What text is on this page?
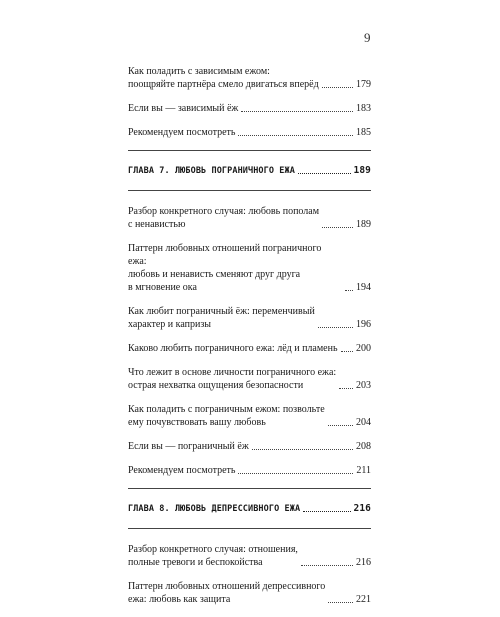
9
Как поладить с зависимым ежом:
поощряйте партнёра смело двигаться вперёд	179
Если вы — зависимый ёж	183
Рекомендуем посмотреть	185
ГЛАВА 7. ЛЮБОВЬ ПОГРАНИЧНОГО ЕЖА	189
Разбор конкретного случая: любовь пополам
с ненавистью	189
Паттерн любовных отношений пограничного ежа:
любовь и ненависть сменяют друг друга
в мгновение ока	194
Как любит пограничный ёж: переменчивый
характер и капризы	196
Каково любить пограничного ежа: лёд и пламень 200
Что лежит в основе личности пограничного ежа:
острая нехватка ощущения безопасности	203
Как поладить с пограничным ежом: позвольте
ему почувствовать вашу любовь	204
Если вы — пограничный ёж	208
Рекомендуем посмотреть	211
ГЛАВА 8. ЛЮБОВЬ ДЕПРЕССИВНОГО ЕЖА	216
Разбор конкретного случая: отношения,
полные тревоги и беспокойства	216
Паттерн любовных отношений депрессивного
ежа: любовь как защита	221
